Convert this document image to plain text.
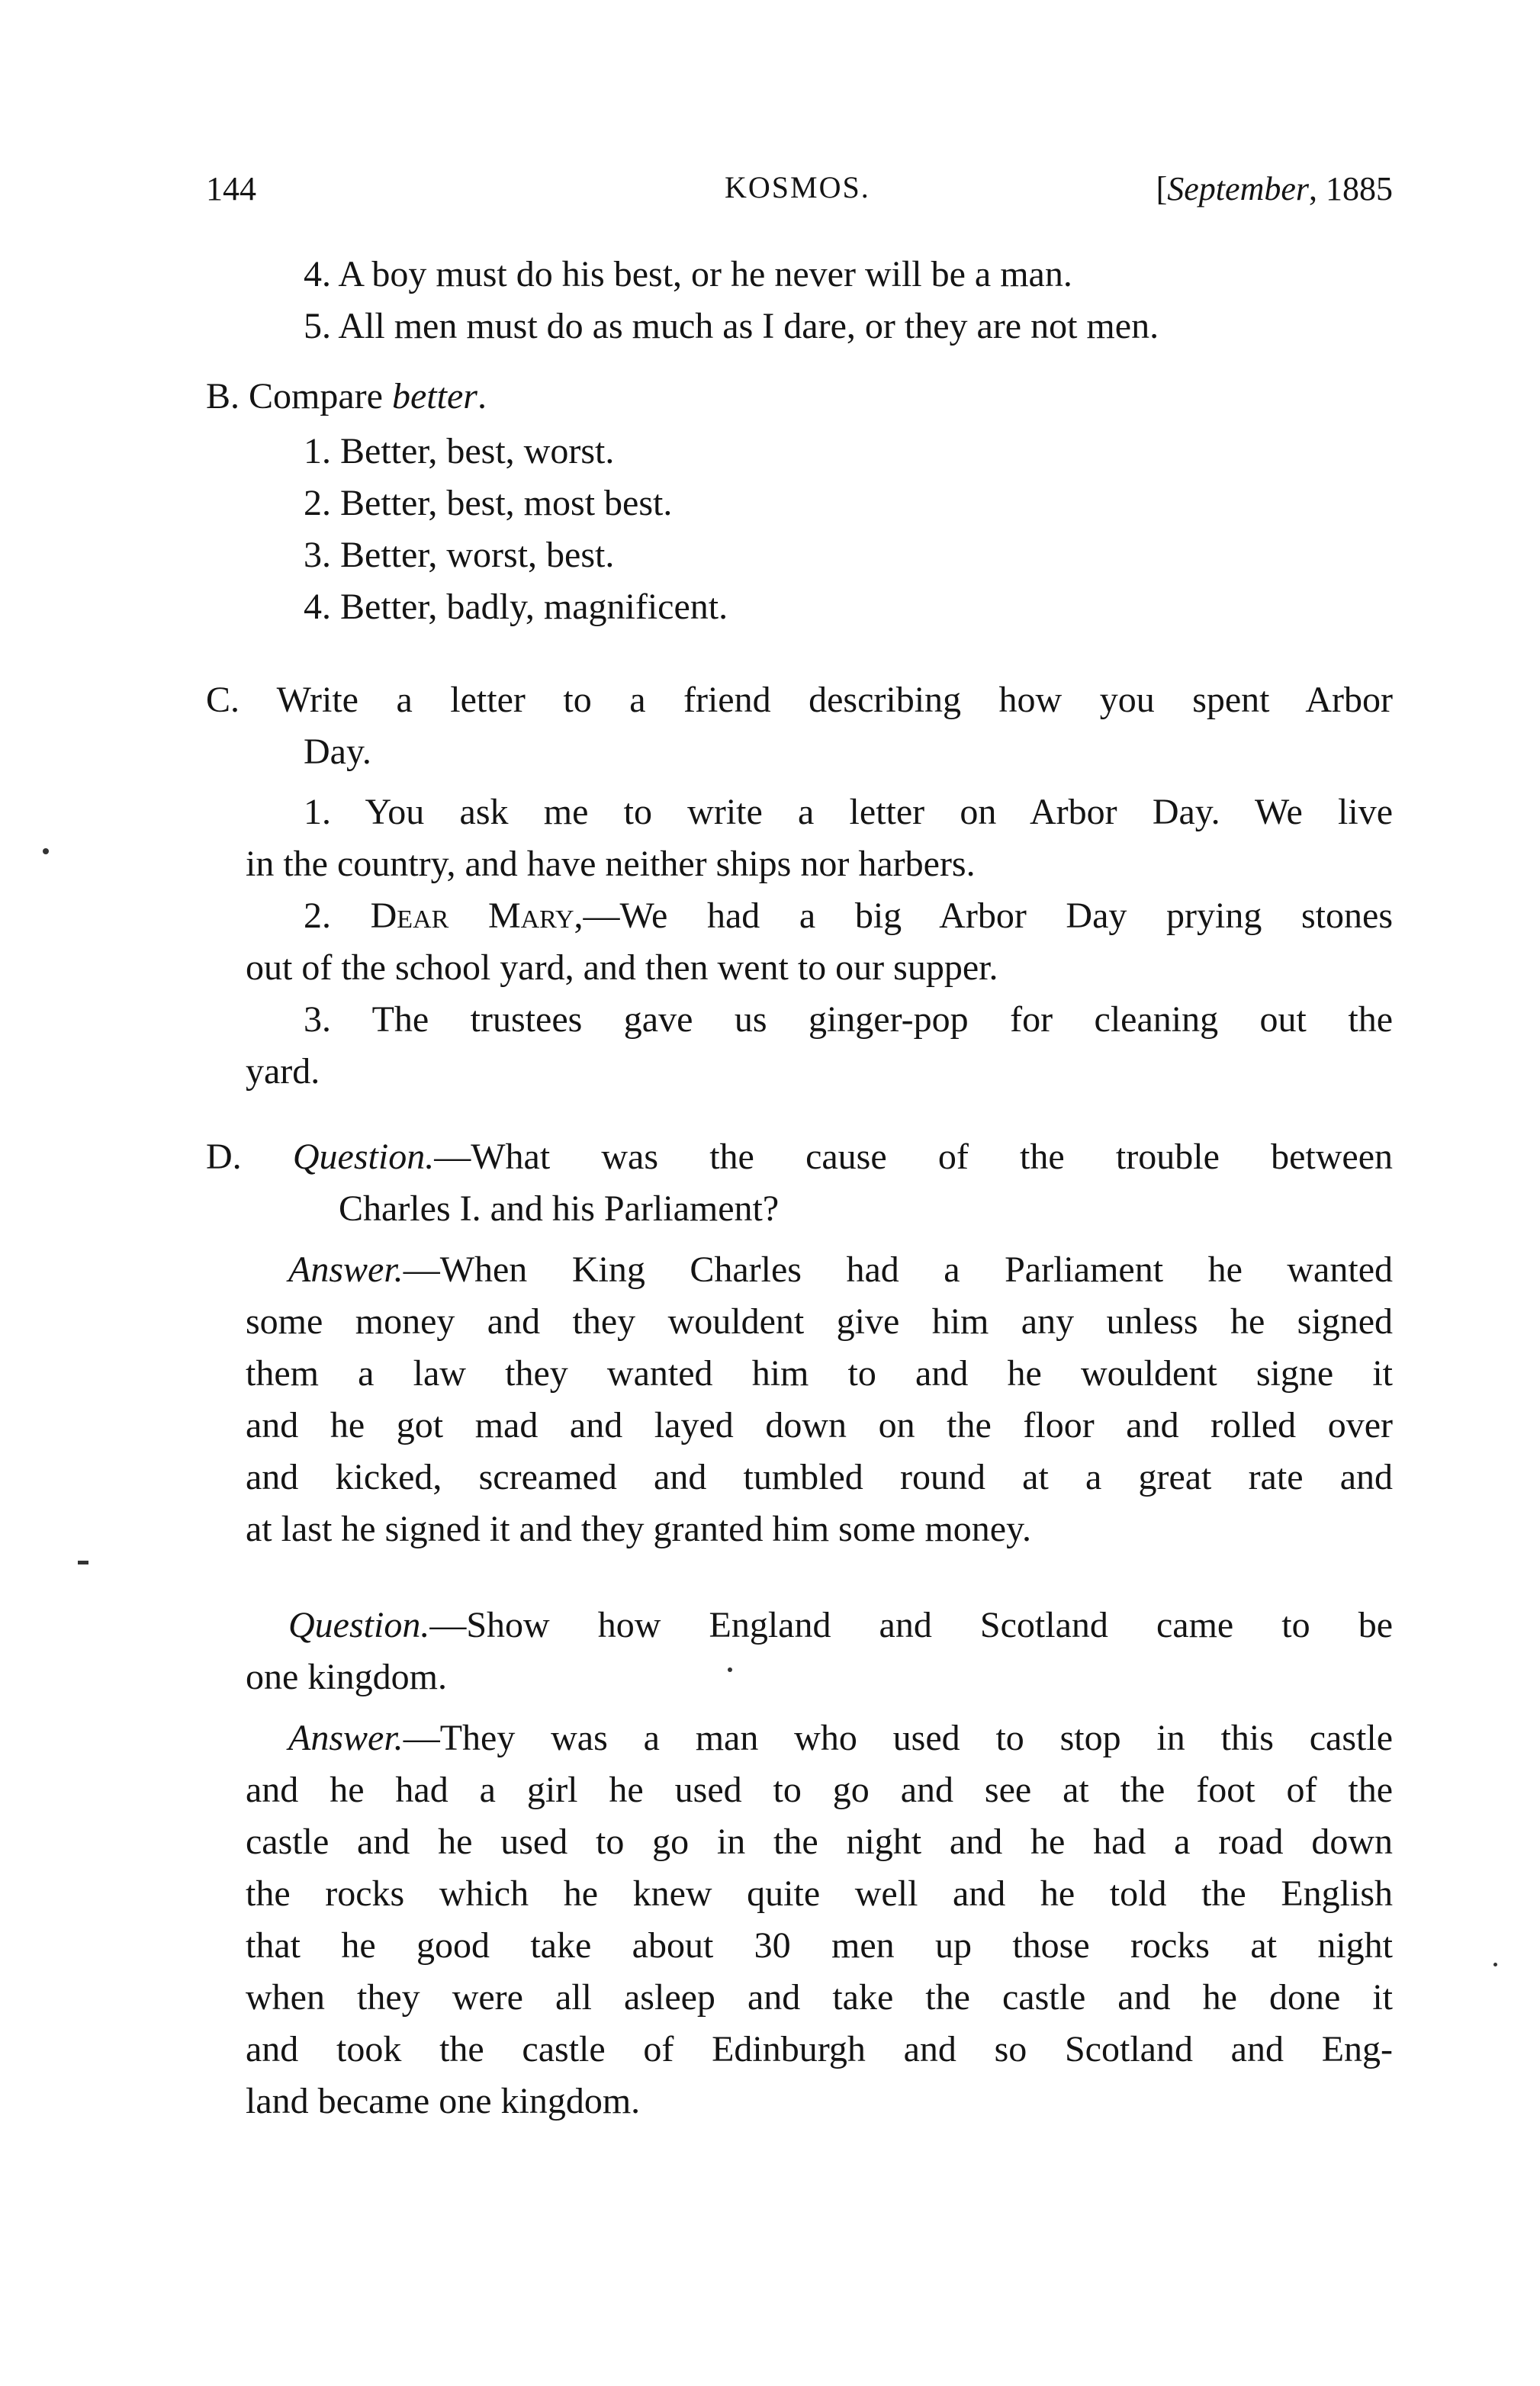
144	KOSMOS.	[September, 1885
4. A boy must do his best, or he never will be a man.
5. All men must do as much as I dare, or they are not men.
B. Compare better.
1. Better, best, worst.
2. Better, best, most best.
3. Better, worst, best.
4. Better, badly, magnificent.
C. Write a letter to a friend describing how you spent Arbor
Day.
1. You ask me to write a letter on Arbor Day. We live
in the country, and have neither ships nor harbers.
2. Dear Mary,—We had a big Arbor Day prying stones
out of the school yard, and then went to our supper.
3. The trustees gave us ginger-pop for cleaning out the
yard.
D. Question.—What was the cause of the trouble between
Charles I. and his Parliament?
Answer.—When King Charles had a Parliament he wanted
some money and they wouldent give him any unless he signed
them a law they wanted him to and he wouldent signe it
and he got mad and layed down on the floor and rolled over
and kicked, screamed and tumbled round at a great rate and
at last he signed it and they granted him some money.
Question.—Show how England and Scotland came to be
one kingdom.
Answer.—They was a man who used to stop in this castle
and he had a girl he used to go and see at the foot of the
castle and he used to go in the night and he had a road down
the rocks which he knew quite well and he told the English
that he good take about 30 men up those rocks at night
when they were all asleep and take the castle and he done it
and took the castle of Edinburgh and so Scotland and Eng-
land became one kingdom.
